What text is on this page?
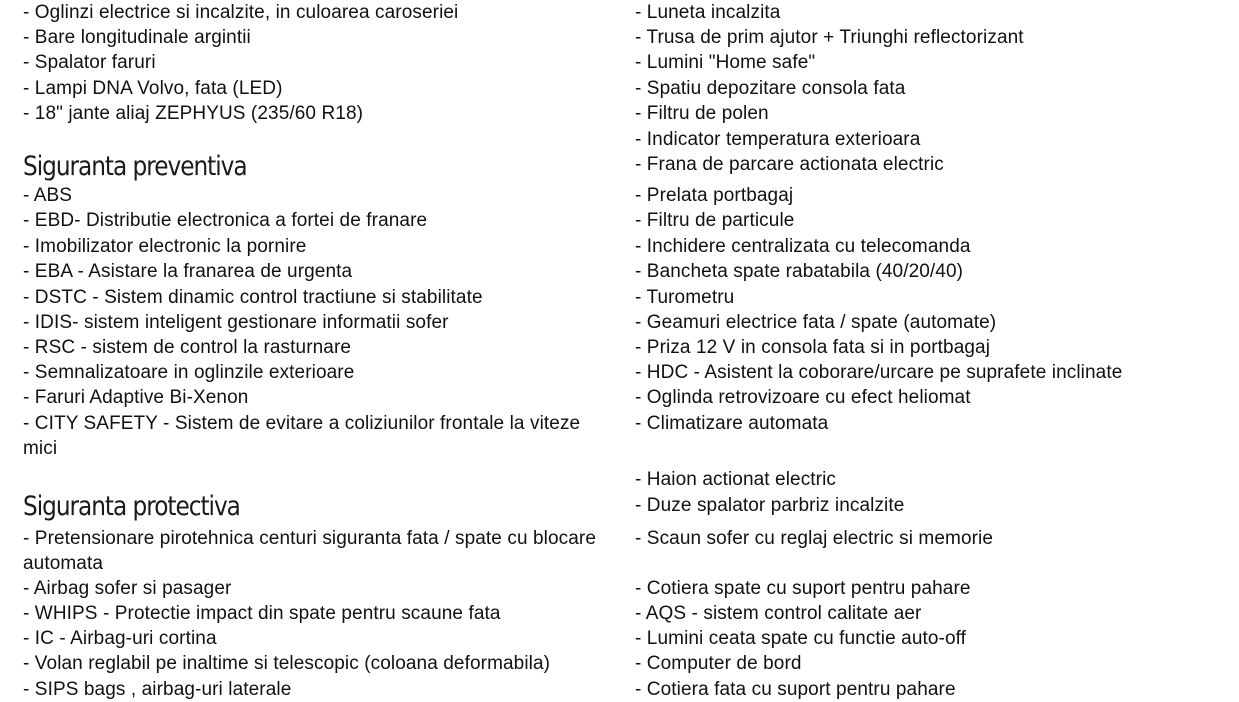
- Oglinzi electrice si incalzite, in culoarea caroseriei
- Bare longitudinale argintii
- Spalator faruri
- Lampi DNA Volvo, fata (LED)
- 18" jante aliaj ZEPHYUS (235/60 R18)
Siguranta preventiva
- ABS
- EBD- Distributie electronica a fortei de franare
- Imobilizator electronic la pornire
- EBA - Asistare la franarea de urgenta
- DSTC - Sistem dinamic control tractiune si stabilitate
- IDIS- sistem inteligent gestionare informatii sofer
- RSC - sistem de control la rasturnare
- Semnalizatoare in oglinzile exterioare
- Faruri Adaptive Bi-Xenon
- CITY SAFETY - Sistem de evitare a coliziunilor frontale la viteze mici
Siguranta protectiva
- Pretensionare pirotehnica centuri siguranta fata / spate cu blocare automata
- Airbag sofer si pasager
- WHIPS - Protectie impact din spate pentru scaune fata
- IC - Airbag-uri cortina
- Volan reglabil pe inaltime si telescopic (coloana deformabila)
- SIPS bags , airbag-uri laterale
- Luneta incalzita
- Trusa de prim ajutor + Triunghi reflectorizant
- Lumini "Home safe"
- Spatiu depozitare consola fata
- Filtru de polen
- Indicator temperatura exterioara
- Frana de parcare actionata electric
- Prelata portbagaj
- Filtru de particule
- Inchidere centralizata cu telecomanda
- Bancheta spate rabatabila (40/20/40)
- Turometru
- Geamuri electrice fata / spate (automate)
- Priza 12 V in consola fata si in portbagaj
- HDC - Asistent la coborare/urcare pe suprafete inclinate
- Oglinda retrovizoare cu efect heliomat
- Climatizare automata
- Haion actionat electric
- Duze spalator parbriz incalzite
- Scaun sofer cu reglaj electric si memorie
- Cotiera spate cu suport pentru pahare
- AQS - sistem control calitate aer
- Lumini ceata spate cu functie auto-off
- Computer de bord
- Cotiera fata cu suport pentru pahare
